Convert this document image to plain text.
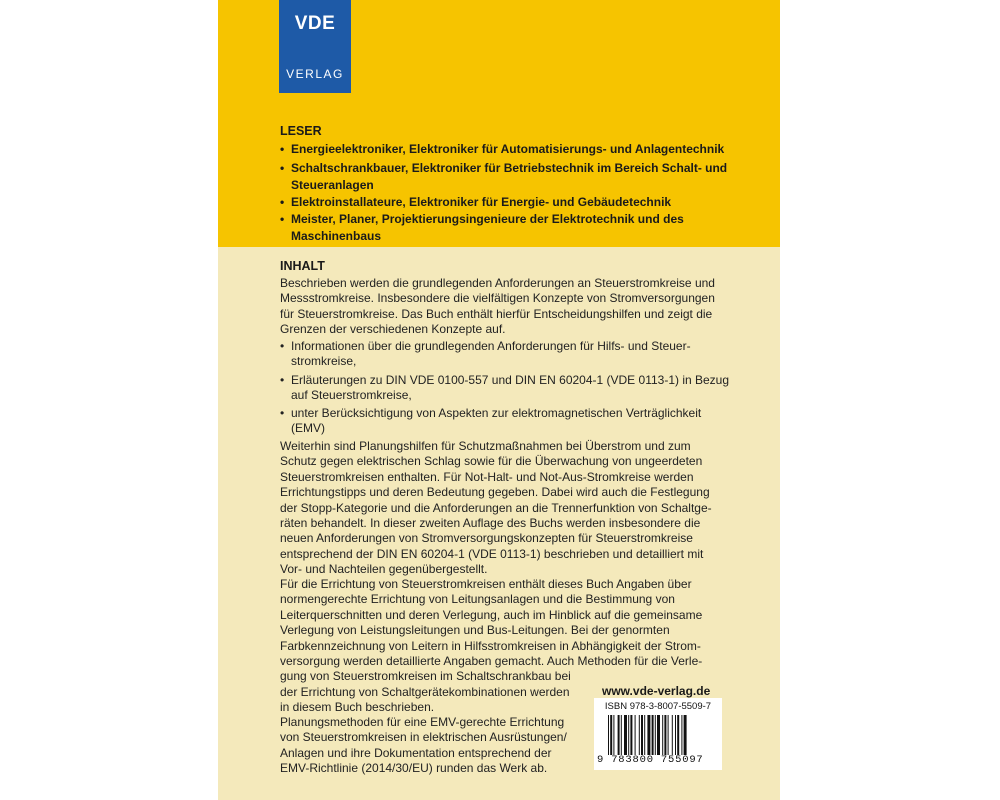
VDE
VERLAG
LESER
• Energieelektroniker, Elektroniker für Automatisierungs- und Anlagentechnik
• Schaltschrankbauer, Elektroniker für Betriebstechnik im Bereich Schalt- und
Steueranlagen
• Elektroinstallateure, Elektroniker für Energie- und Gebäudetechnik
• Meister, Planer, Projektierungsingenieure der Elektrotechnik und des
Maschinenbaus
INHALT
Beschrieben werden die grundlegenden Anforderungen an Steuerstromkreise und
Messstromkreise. Insbesondere die vielfältigen Konzepte von Stromversorgungen
für Steuerstromkreise. Das Buch enthält hierfür Entscheidungshilfen und zeigt die
Grenzen der verschiedenen Konzepte auf.
• Informationen über die grundlegenden Anforderungen für Hilfs- und Steuer-
stromkreise,
• Erläuterungen zu DIN VDE 0100-557 und DIN EN 60204-1 (VDE 0113-1) in Bezug
auf Steuerstromkreise,
• unter Berücksichtigung von Aspekten zur elektromagnetischen Verträglichkeit
(EMV)
Weiterhin sind Planungshilfen für Schutzmaßnahmen bei Überstrom und zum
Schutz gegen elektrischen Schlag sowie für die Überwachung von ungeerdeten
Steuerstromkreisen enthalten. Für Not-Halt- und Not-Aus-Stromkreise werden
Errichtungstipps und deren Bedeutung gegeben. Dabei wird auch die Festlegung
der Stopp-Kategorie und die Anforderungen an die Trennerfunktion von Schaltge-
räten behandelt. In dieser zweiten Auflage des Buchs werden insbesondere die
neuen Anforderungen von Stromversorgungskonzepten für Steuerstromkreise
entsprechend der DIN EN 60204-1 (VDE 0113-1) beschrieben und detailliert mit
Vor- und Nachteilen gegenübergestellt.
Für die Errichtung von Steuerstromkreisen enthält dieses Buch Angaben über
normengerechte Errichtung von Leitungsanlagen und die Bestimmung von
Leiterquerschnitten und deren Verlegung, auch im Hinblick auf die gemeinsame
Verlegung von Leistungsleitungen und Bus-Leitungen. Bei der genormten
Farbkennzeichnung von Leitern in Hilfsstromkreisen in Abhängigkeit der Strom-
versorgung werden detaillierte Angaben gemacht. Auch Methoden für die Verle-
gung von Steuerstromkreisen im Schaltschrankbau bei
der Errichtung von Schaltgerätekombinationen werden
in diesem Buch beschrieben.
Planungsmethoden für eine EMV-gerechte Errichtung
von Steuerstromkreisen in elektrischen Ausrüstungen/
Anlagen und ihre Dokumentation entsprechend der
EMV-Richtlinie (2014/30/EU) runden das Werk ab.
www.vde-verlag.de
ISBN 978-3-8007-5509-7
9 783800 755097
